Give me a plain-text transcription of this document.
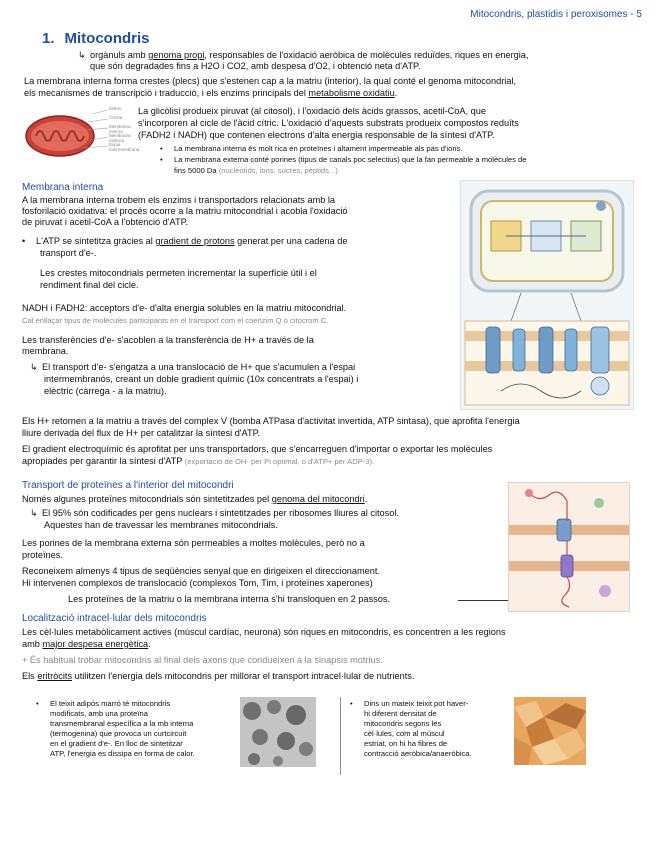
Mitocondris, plastidis i peroxisomes - 5
1. Mitocondris
↳ orgànuls amb genoma propi, responsables de l'oxidació aeròbica de molècules reduïdes, riques en energia,
que són degradades fins a H2O i CO2, amb despesa d'O2, i obtenció neta d'ATP.
La membrana interna forma crestes (plecs) que s'estenen cap a la matriu (interior), la qual conté el genoma mitocondrial,
els mecanismes de transcripció i traducció, i els enzims principals del metabolisme oxidatiu.
Matriu
Cresta
Membrana interna
Membrana externa
Espai intermembrana
La glicòlisi produeix piruvat (al citosol), i l'oxidació dels àcids grassos, acetil-CoA, que
s'incorporen al cicle de l'àcid cítric. L'oxidació d'aquests substrats produeix compostos reduïts
(FADH2 i NADH) que contenen electrons d'alta energia responsable de la síntesi d'ATP.
• La membrana interna és molt rica en proteïnes i altament impermeable als pas d'ions.
• La membrana externa conté porines (tipus de canals poc selectius) que la fan permeable a molècules de
fins 5000 Da (nucleòtids, ions, sucres, pèptids...).
Membrana interna
A la membrana interna trobem els enzims i transportadors relacionats amb la
fosforilació oxidativa: el procés ocorre a la matriu mitocondrial i acobla l'oxidació
de piruvat i acetil-CoA a l'obtenció d'ATP.
• L'ATP se sintetitza gràcies al gradient de protons generat per una cadena de
transport d'e-.
Les crestes mitocondrials permeten incrementar la superfície útil i el
rendiment final del cicle.
NADH i FADH2: acceptors d'e- d'alta energia solubles en la matriu mitocondrial.
Cal enllaçar tipus de molècules participants en el transport com el coenzim Q o citocrom C.
Les transferències d'e- s'acoblen a la transferència de H+ a través de la
membrana.
↳ El transport d'e- s'engatza a una translocació de H+ que s'acumulen a l'espai
intermembranós, creant un doble gradient químic (10x concentrats a l'espai) i
elèctric (càrrega - a la matriu).
Els H+ retornen a la matriu a través del complex V (bomba ATPasa d'activitat invertida, ATP sintasa), que aprofita l'energia
lliure derivada del flux de H+ per catalitzar la síntesi d'ATP.
El gradient electroquímic és aprofitat per uns transportadors, que s'encarreguen d'importar o exportar les molècules
apropiades per garantir la síntesi d'ATP (exportació de OH- per Pi optimal, o d'ATP+ per ADP-3).
Transport de proteïnes a l'interior del mitocondri
Només algunes proteïnes mitocondrials són sintetitzades pel genoma del mitocondri.
↳ El 95% són codificades per gens nuclears i sintetitzades per ribosomes lliures al citosol.
Aquestes han de travessar les membranes mitocondrials.
Les porines de la membrana externa són permeables a moltes molècules, però no a
proteïnes.
Reconeixem almenys 4 tipus de seqüències senyal que en dirigeixen el direccionament.
Hi intervenen complexos de translocació (complexos Tom, Tim, i proteïnes xaperones)
Les proteïnes de la matriu o la membrana interna s'hi transloquen en 2 passos.
Localització intracel·lular dels mitocondris
Les cèl·lules metabòlicament actives (múscul cardíac, neurona) són riques en mitocondris, es concentren a les regions
amb major despesa energètica.
+ És habitual trobar mitocondris al final dels àxons que condueixen a la sinapsis motrius.
Els eritròcits utilitzen l'energia dels mitocondris per millorar el transport intracel·lular de nutrients.
• El teixit adipós marró té mitocondris
modificats, amb una proteïna
transmembranal específica a la mb interna
(termogenina) que provoca un curtcircuit
en el gradient d'e-. En lloc de sintetitzar
ATP, l'energia es dissipa en forma de calor.
• Dins un mateix teixit pot haver-
hi diferent densitat de
mitocondris segons les
cèl·lules, com al múscul
estriat, on hi ha fibres de
contracció aeròbica/anaeròbica.
